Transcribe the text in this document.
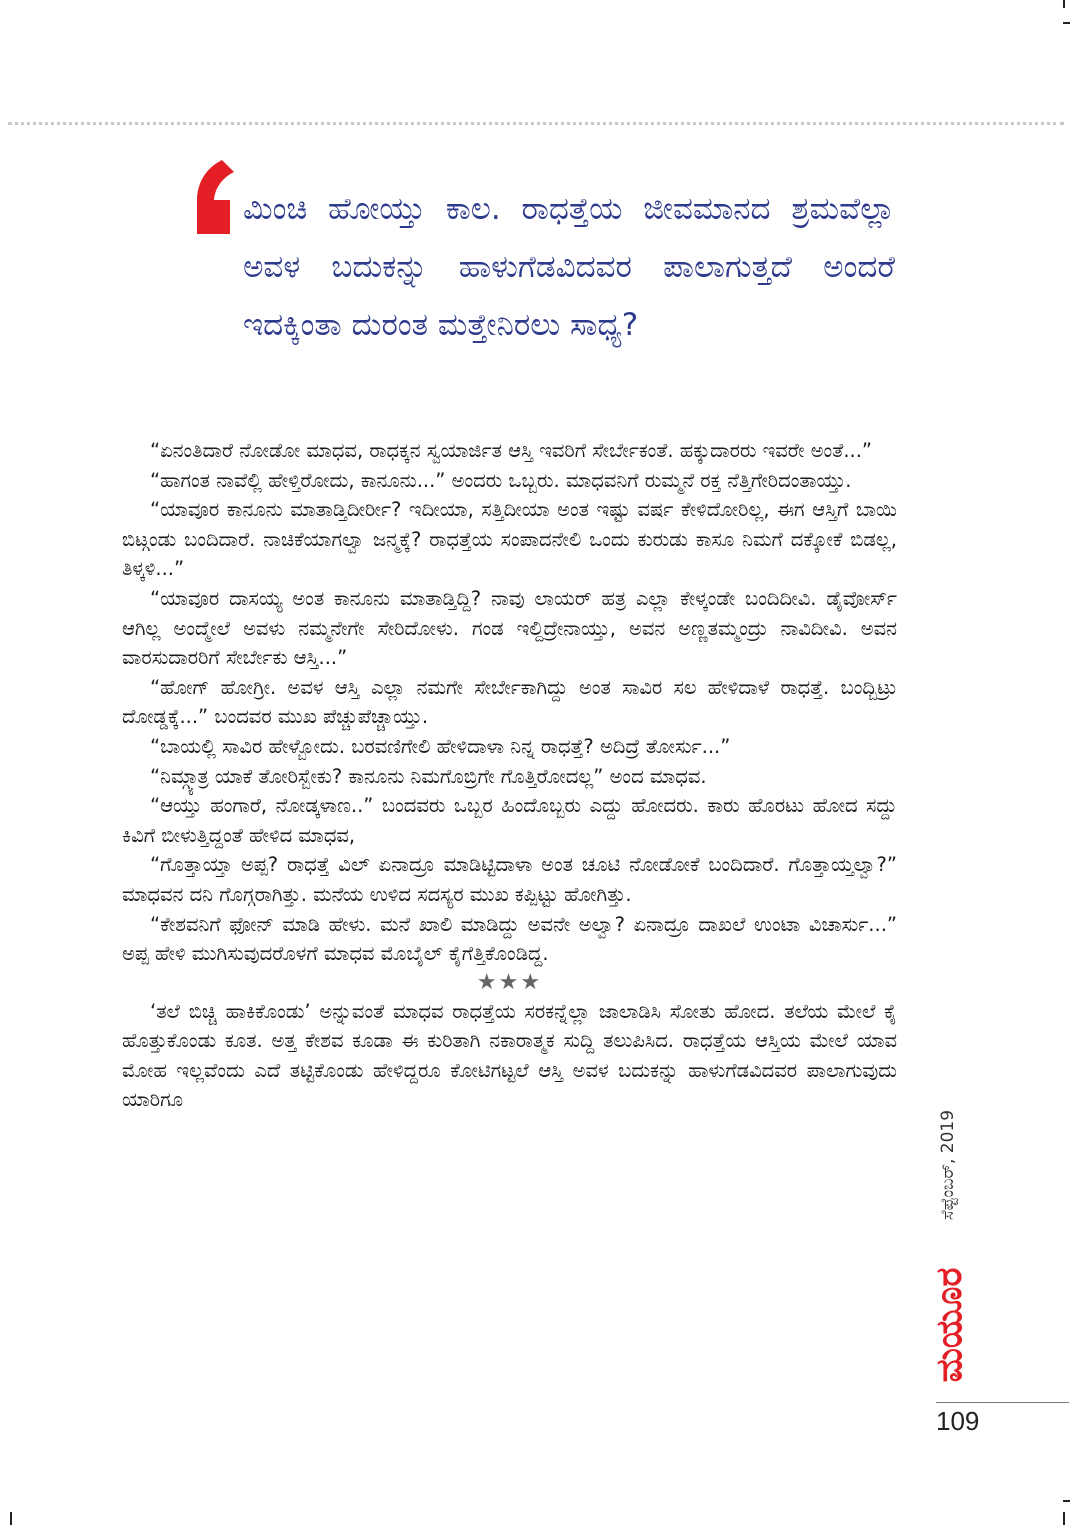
ಮಿಂಚಿ ಹೋಯ್ತು ಕಾಲ. ರಾಧತ್ತೆಯ ಜೀವಮಾನದ ಶ್ರಮವೆಲ್ಲಾ ಅವಳ ಬದುಕನ್ನು ಹಾಳುಗೆಡವಿದವರ ಪಾಲಾಗುತ್ತದೆ ಅಂದರೆ ಇದಕ್ಕಿಂತಾ ದುರಂತ ಮತ್ತೇನಿರಲು ಸಾಧ್ಯ?

“ಏನಂತಿದಾರೆ ನೋಡೋ ಮಾಧವ, ರಾಧಕ್ಕನ ಸ್ವಯಾರ್ಜಿತ ಆಸ್ತಿ ಇವರಿಗೆ ಸೇರ್ಬೇಕಂತೆ. ಹಕ್ಕುದಾರರು ಇವರೇ ಅಂತೆ...”

“ಹಾಗಂತ ನಾವೆಲ್ಲಿ ಹೇಳ್ತಿರೋದು, ಕಾನೂನು...” ಅಂದರು ಒಬ್ಬರು. ಮಾಧವನಿಗೆ ರುಮ್ಮನೆ ರಕ್ತ ನೆತ್ತಿಗೇರಿದಂತಾಯ್ತು.

“ಯಾವೂರ ಕಾನೂನು ಮಾತಾಡ್ತಿದೀರ್ರೀ? ಇದೀಯಾ, ಸತ್ತಿದೀಯಾ ಅಂತ ಇಷ್ಟು ವರ್ಷ ಕೇಳಿದೋರಿಲ್ಲ, ಈಗ ಆಸ್ತಿಗೆ ಬಾಯಿ ಬಿಟ್ಗಂಡು ಬಂದಿದಾರೆ. ನಾಚಿಕೆಯಾಗಲ್ವಾ ಜನ್ಮಕ್ಕೆ? ರಾಧತ್ತೆಯ ಸಂಪಾದನೇಲಿ ಒಂದು ಕುರುಡು ಕಾಸೂ ನಿಮಗೆ ದಕ್ಕೋಕೆ ಬಿಡಲ್ಲ, ತಿಳ್ಕಳಿ...”

“ಯಾವೂರ ದಾಸಯ್ಯ ಅಂತ ಕಾನೂನು ಮಾತಾಡ್ತಿದ್ದಿ? ನಾವು ಲಾಯರ್ ಹತ್ರ ಎಲ್ಲಾ ಕೇಳ್ಕಂಡೇ ಬಂದಿದೀವಿ. ಡೈವೋರ್ಸ್ ಆಗಿಲ್ಲ ಅಂದ್ಮೇಲೆ ಅವಳು ನಮ್ಮನೇಗೇ ಸೇರಿದೋಳು. ಗಂಡ ಇಲ್ದಿದ್ರೇನಾಯ್ತು, ಅವನ ಅಣ್ಣತಮ್ಮಂದ್ರು ನಾವಿದೀವಿ. ಅವನ ವಾರಸುದಾರರಿಗೆ ಸೇರ್ಬೇಕು ಆಸ್ತಿ...”

“ಹೋಗ್ ಹೋಗ್ರೀ. ಅವಳ ಆಸ್ತಿ ಎಲ್ಲಾ ನಮಗೇ ಸೇರ್ಬೇಕಾಗಿದ್ದು ಅಂತ ಸಾವಿರ ಸಲ ಹೇಳಿದಾಳೆ ರಾಧತ್ತೆ. ಬಂದ್ಬಿಟ್ರು ದೋಡ್ಡಕ್ಕೆ...” ಬಂದವರ ಮುಖ ಪೆಚ್ಚುಪೆಚ್ಚಾಯ್ತು.

“ಬಾಯಲ್ಲಿ ಸಾವಿರ ಹೇಳ್ಬೋದು. ಬರವಣಿಗೇಲಿ ಹೇಳಿದಾಳಾ ನಿನ್ನ ರಾಧತ್ತೆ? ಅದಿದ್ರೆ ತೋರ್ಸು...”

“ನಿಮ್ಗ್ಯಾತ್ರ ಯಾಕೆ ತೋರಿಸ್ಬೇಕು? ಕಾನೂನು ನಿಮಗೊಬ್ರಿಗೇ ಗೊತ್ತಿರೋದಲ್ಲ” ಅಂದ ಮಾಧವ.

“ಆಯ್ತು ಹಂಗಾರೆ, ನೋಡ್ಕಳಾಣ..” ಬಂದವರು ಒಬ್ಬರ ಹಿಂದೊಬ್ಬರು ಎದ್ದು ಹೋದರು. ಕಾರು ಹೊರಟು ಹೋದ ಸದ್ದು ಕಿವಿಗೆ ಬೀಳುತ್ತಿದ್ದಂತೆ ಹೇಳಿದ ಮಾಧವ,

“ಗೊತ್ತಾಯ್ತಾ ಅಪ್ಪ? ರಾಧತ್ತೆ ವಿಲ್ ಏನಾದ್ರೂ ಮಾಡಿಟ್ಟಿದಾಳಾ ಅಂತ ಚೂಟಿ ನೋಡೋಕೆ ಬಂದಿದಾರೆ. ಗೊತ್ತಾಯ್ತಲ್ವಾ?” ಮಾಧವನ ದನಿ ಗೊಗ್ಗರಾಗಿತ್ತು. ಮನೆಯ ಉಳಿದ ಸದಸ್ಯರ ಮುಖ ಕಪ್ಪಿಟ್ಟು ಹೋಗಿತ್ತು.

“ಕೇಶವನಿಗೆ ಫೋನ್ ಮಾಡಿ ಹೇಳು. ಮನೆ ಖಾಲಿ ಮಾಡಿದ್ದು ಅವನೇ ಅಲ್ವಾ? ಏನಾದ್ರೂ ದಾಖಲೆ ಉಂಟಾ ವಿಚಾರ್ಸು...” ಅಪ್ಪ ಹೇಳಿ ಮುಗಿಸುವುದರೊಳಗೆ ಮಾಧವ ಮೊಬೈಲ್ ಕೈಗೆತ್ತಿಕೊಂಡಿದ್ದ.

★★★

‘ತಲೆ ಬಿಚ್ಚಿ ಹಾಕಿಕೊಂಡು’ ಅನ್ನುವಂತೆ ಮಾಧವ ರಾಧತ್ತೆಯ ಸರಕನ್ನೆಲ್ಲಾ ಜಾಲಾಡಿಸಿ ಸೋತು ಹೋದ. ತಲೆಯ ಮೇಲೆ ಕೈ ಹೊತ್ತುಕೊಂಡು ಕೂತ. ಅತ್ತ ಕೇಶವ ಕೂಡಾ ಈ ಕುರಿತಾಗಿ ನಕಾರಾತ್ಮಕ ಸುದ್ದಿ ತಲುಪಿಸಿದ. ರಾಧತ್ತೆಯ ಆಸ್ತಿಯ ಮೇಲೆ ಯಾವ ಮೋಹ ಇಲ್ಲವೆಂದು ಎದೆ ತಟ್ಟಿಕೊಂಡು ಹೇಳಿದ್ದರೂ ಕೋಟಿಗಟ್ಟಲೆ ಆಸ್ತಿ ಅವಳ ಬದುಕನ್ನು ಹಾಳುಗೆಡವಿದವರ ಪಾಲಾಗುವುದು ಯಾರಿಗೂ

ಸೆಪ್ಟೆಂಬರ್, 2019
ಮಯೂರ
109
